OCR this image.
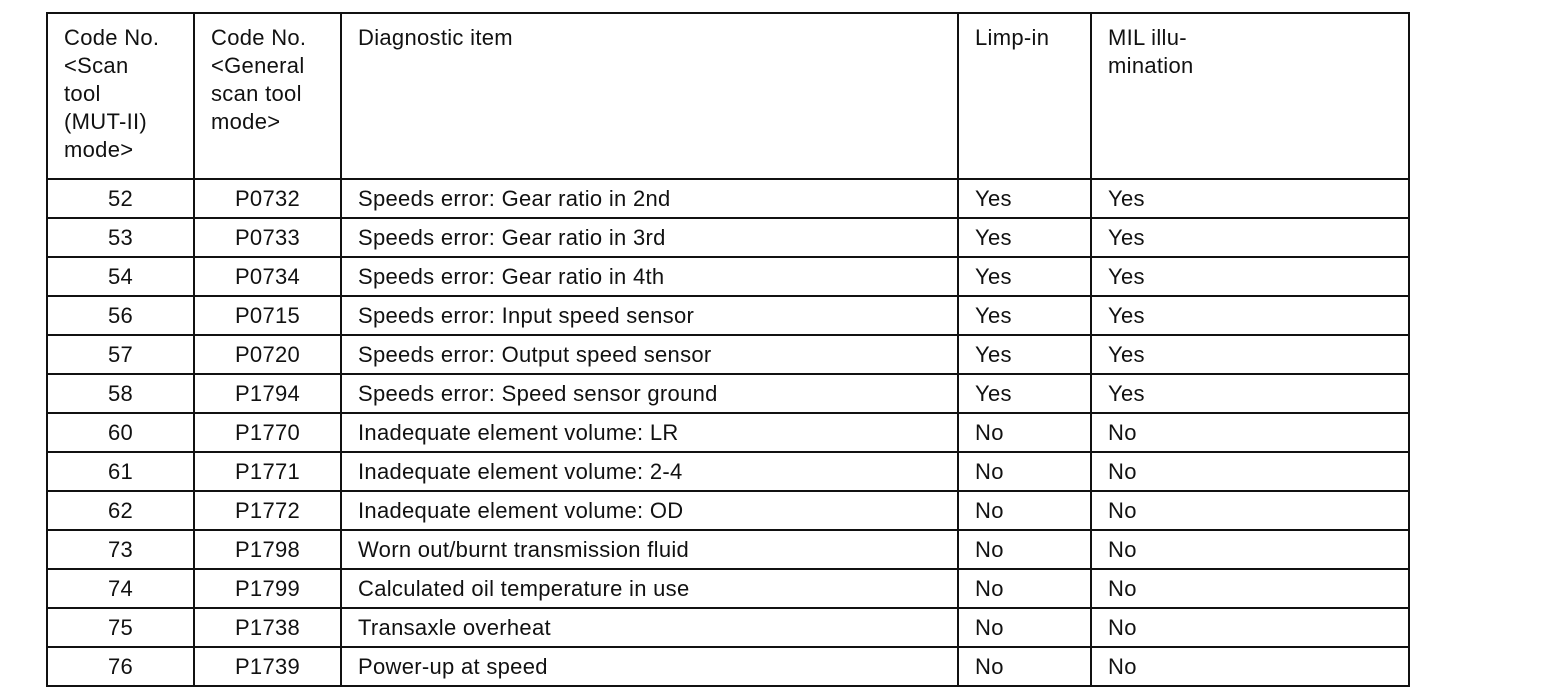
Code No.
<Scan
tool
(MUT-II)
mode>	Code No.
<General
scan tool
mode>	Diagnostic item	Limp-in	MIL illu-
mination
52	P0732	Speeds error: Gear ratio in 2nd	Yes	Yes
53	P0733	Speeds error: Gear ratio in 3rd	Yes	Yes
54	P0734	Speeds error: Gear ratio in 4th	Yes	Yes
56	P0715	Speeds error: Input speed sensor	Yes	Yes
57	P0720	Speeds error: Output speed sensor	Yes	Yes
58	P1794	Speeds error: Speed sensor ground	Yes	Yes
60	P1770	Inadequate element volume: LR	No	No
61	P1771	Inadequate element volume: 2-4	No	No
62	P1772	Inadequate element volume: OD	No	No
73	P1798	Worn out/burnt transmission fluid	No	No
74	P1799	Calculated oil temperature in use	No	No
75	P1738	Transaxle overheat	No	No
76	P1739	Power-up at speed	No	No
